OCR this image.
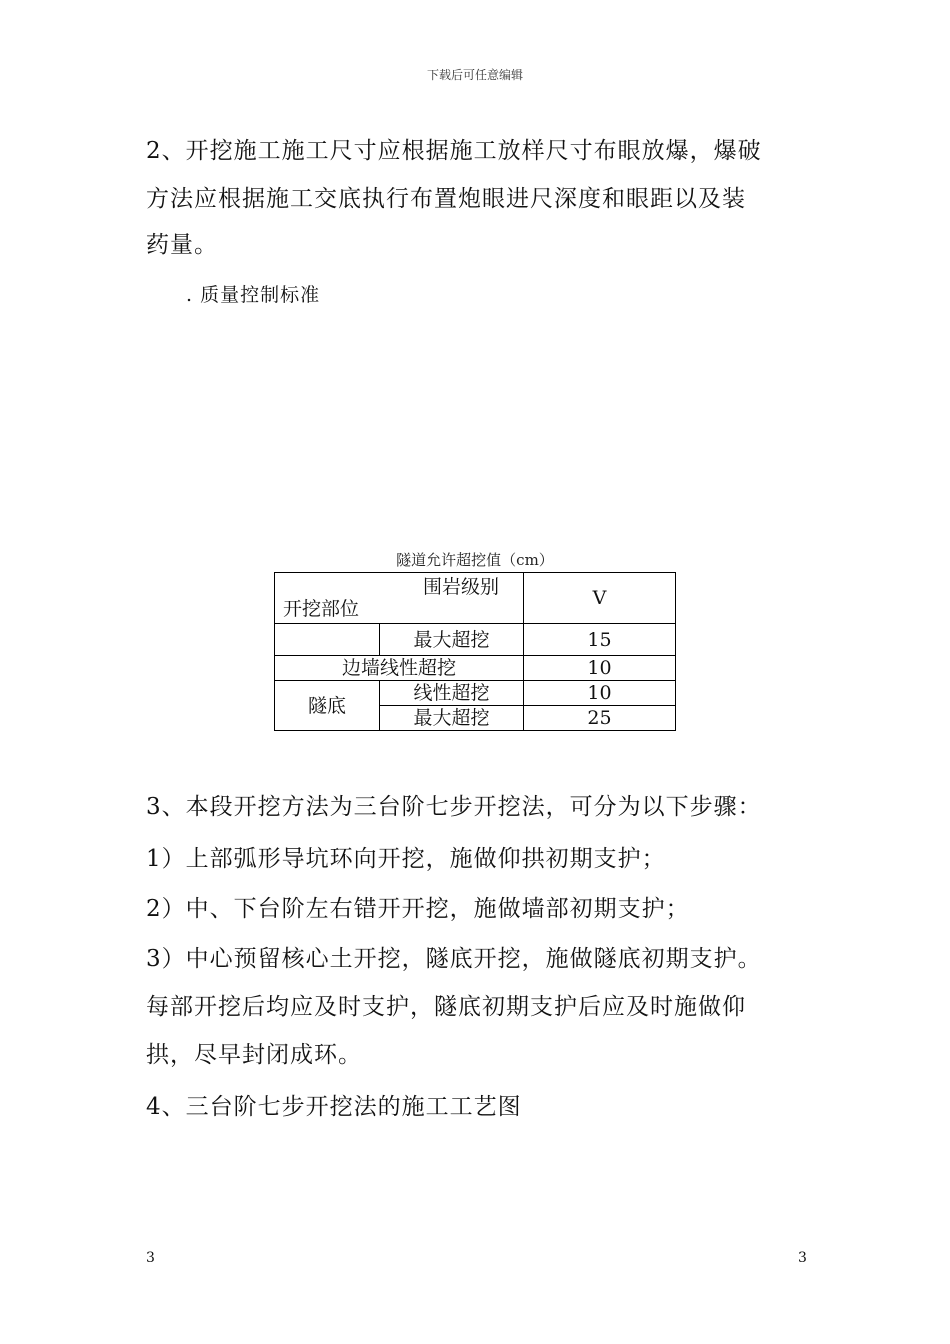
下载后可任意编辑

2、开挖施工施工尺寸应根据施工放样尺寸布眼放爆，爆破

方法应根据施工交底执行布置炮眼进尺深度和眼距以及装

药量。

. 质量控制标准

隧道允许超挖值（cm）
围岩级别
开挖部位		V
	最大超挖	15
边墙线性超挖		10
隧底	线性超挖	10
	最大超挖	25

3、本段开挖方法为三台阶七步开挖法，可分为以下步骤：

1）上部弧形导坑环向开挖，施做仰拱初期支护；

2）中、下台阶左右错开开挖，施做墙部初期支护；

3）中心预留核心土开挖，隧底开挖，施做隧底初期支护。

每部开挖后均应及时支护，隧底初期支护后应及时施做仰

拱，尽早封闭成环。

4、三台阶七步开挖法的施工工艺图

3	3
